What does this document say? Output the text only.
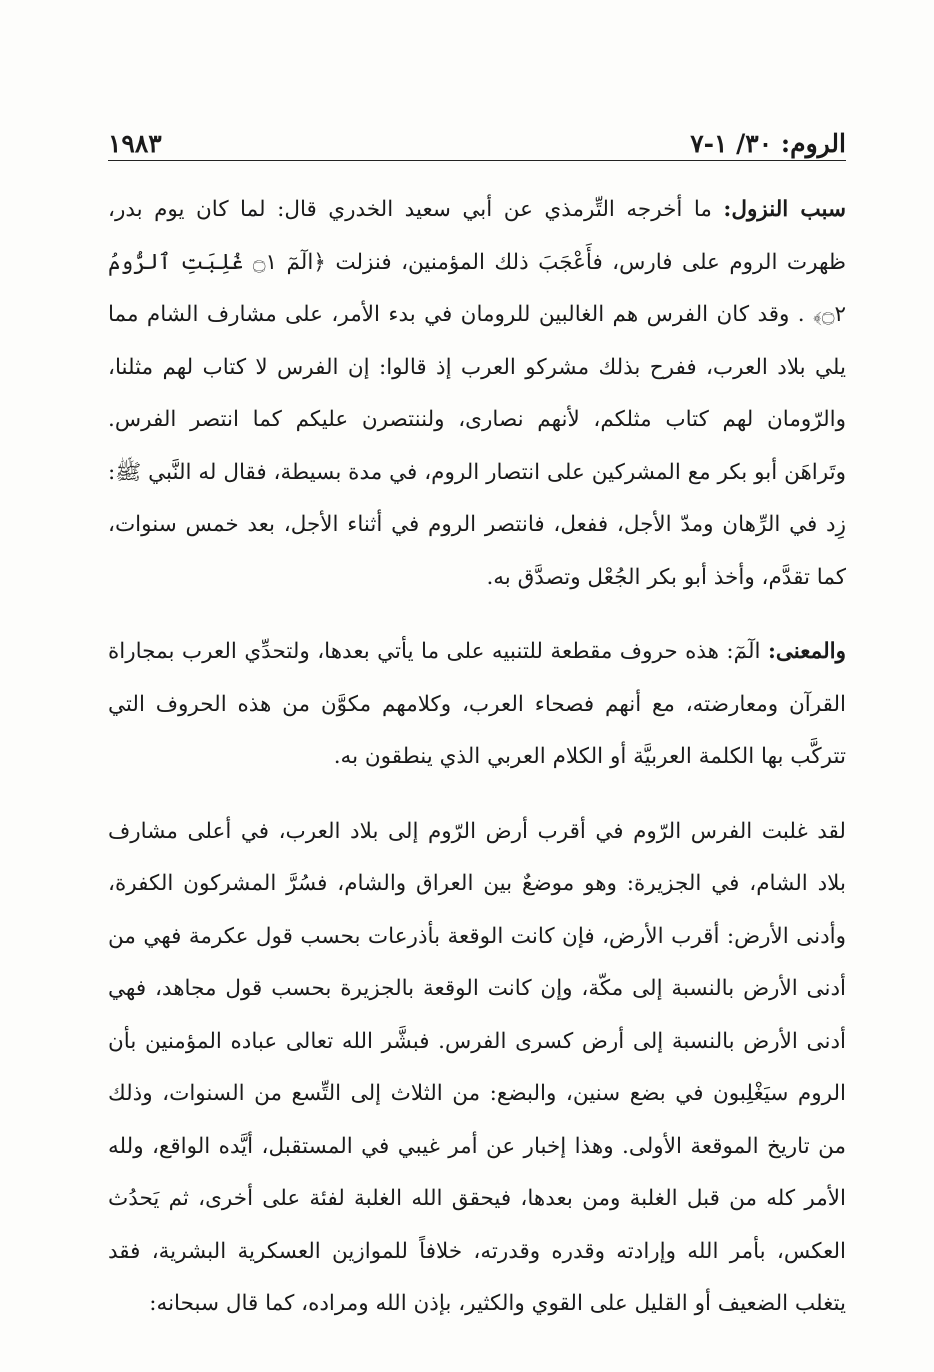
الروم: ٣٠/ ١-٧
١٩٨٣

سبب النزول: ما أخرجه التِّرمذي عن أبي سعيد الخدري قال: لما كان يوم بدر، ظهرت الروم على فارس، فأَعْجَبَ ذلك المؤمنين، فنزلت ﴿الٓمٓ ۝١ غُلِبَتِ ٱلرُّومُ ۝٢﴾ . وقد كان الفرس هم الغالبين للرومان في بدء الأمر، على مشارف الشام مما يلي بلاد العرب، ففرح بذلك مشركو العرب إذ قالوا: إن الفرس لا كتاب لهم مثلنا، والرّومان لهم كتاب مثلكم، لأنهم نصارى، ولننتصرن عليكم كما انتصر الفرس. وتَراهَن أبو بكر مع المشركين على انتصار الروم، في مدة بسيطة، فقال له النَّبي ﷺ: زِد في الرِّهان ومدّ الأجل، ففعل، فانتصر الروم في أثناء الأجل، بعد خمس سنوات، كما تقدَّم، وأخذ أبو بكر الجُعْل وتصدَّق به.

والمعنى: الٓمٓ: هذه حروف مقطعة للتنبيه على ما يأتي بعدها، ولتحدِّي العرب بمجاراة القرآن ومعارضته، مع أنهم فصحاء العرب، وكلامهم مكوَّن من هذه الحروف التي تتركَّب بها الكلمة العربيَّة أو الكلام العربي الذي ينطقون به.

لقد غلبت الفرس الرّوم في أقرب أرض الرّوم إلى بلاد العرب، في أعلى مشارف بلاد الشام، في الجزيرة: وهو موضعٌ بين العراق والشام، فسُرَّ المشركون الكفرة، وأدنى الأرض: أقرب الأرض، فإن كانت الوقعة بأذرعات بحسب قول عكرمة فهي من أدنى الأرض بالنسبة إلى مكّة، وإن كانت الوقعة بالجزيرة بحسب قول مجاهد، فهي أدنى الأرض بالنسبة إلى أرض كسرى الفرس. فبشَّر الله تعالى عباده المؤمنين بأن الروم سيَغْلِبون في بضع سنين، والبضع: من الثلاث إلى التِّسع من السنوات، وذلك من تاريخ الموقعة الأولى. وهذا إخبار عن أمر غيبي في المستقبل، أيَّده الواقع، ولله الأمر كله من قبل الغلبة ومن بعدها، فيحقق الله الغلبة لفئة على أخرى، ثم يَحدُث العكس، بأمر الله وإرادته وقدره وقدرته، خلافاً للموازين العسكرية البشرية، فقد يتغلب الضعيف أو القليل على القوي والكثير، بإذن الله ومراده، كما قال سبحانه:
